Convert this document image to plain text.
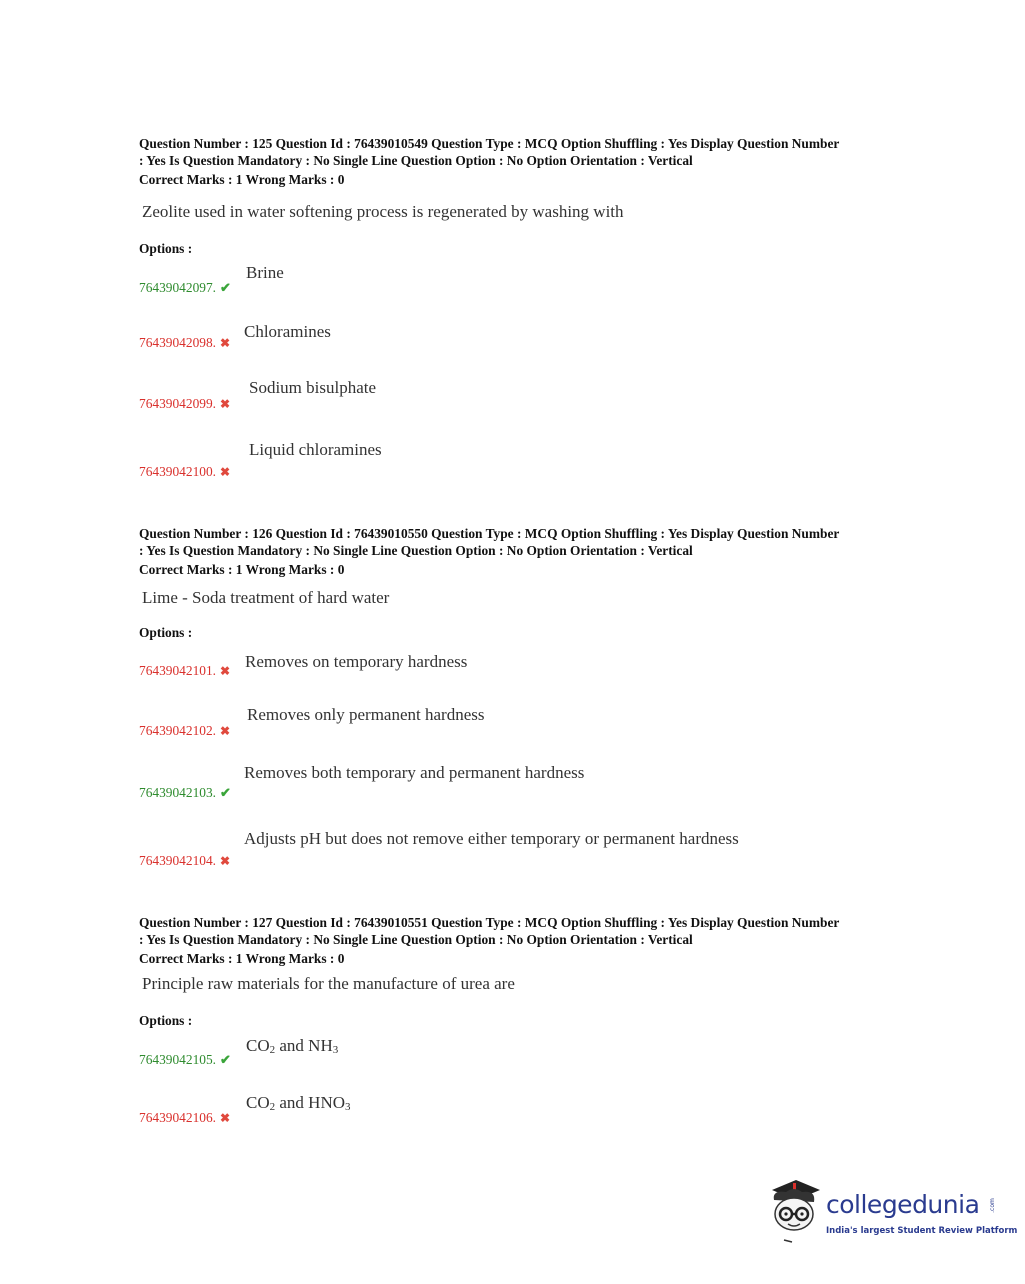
Question Number : 125 Question Id : 76439010549 Question Type : MCQ Option Shuffling : Yes Display Question Number
: Yes Is Question Mandatory : No Single Line Question Option : No Option Orientation : Vertical
Correct Marks : 1 Wrong Marks : 0

Zeolite used in water softening process is regenerated by washing with
Options :
Brine
76439042097. ✔
Chloramines
76439042098. ✖
Sodium bisulphate
76439042099. ✖
Liquid chloramines
76439042100. ✖

Question Number : 126 Question Id : 76439010550 Question Type : MCQ Option Shuffling : Yes Display Question Number
: Yes Is Question Mandatory : No Single Line Question Option : No Option Orientation : Vertical
Correct Marks : 1 Wrong Marks : 0

Lime - Soda treatment of hard water
Options :
Removes on temporary hardness
76439042101. ✖
Removes only permanent hardness
76439042102. ✖
Removes both temporary and permanent hardness
76439042103. ✔
Adjusts pH but does not remove either temporary or permanent hardness
76439042104. ✖

Question Number : 127 Question Id : 76439010551 Question Type : MCQ Option Shuffling : Yes Display Question Number
: Yes Is Question Mandatory : No Single Line Question Option : No Option Orientation : Vertical
Correct Marks : 1 Wrong Marks : 0

Principle raw materials for the manufacture of urea are
Options :
$CO_2$ and $NH_3$
76439042105. ✔
$CO_2$ and $HNO_3$
76439042106. ✖
collegedunia .com
India's largest Student Review Platform
